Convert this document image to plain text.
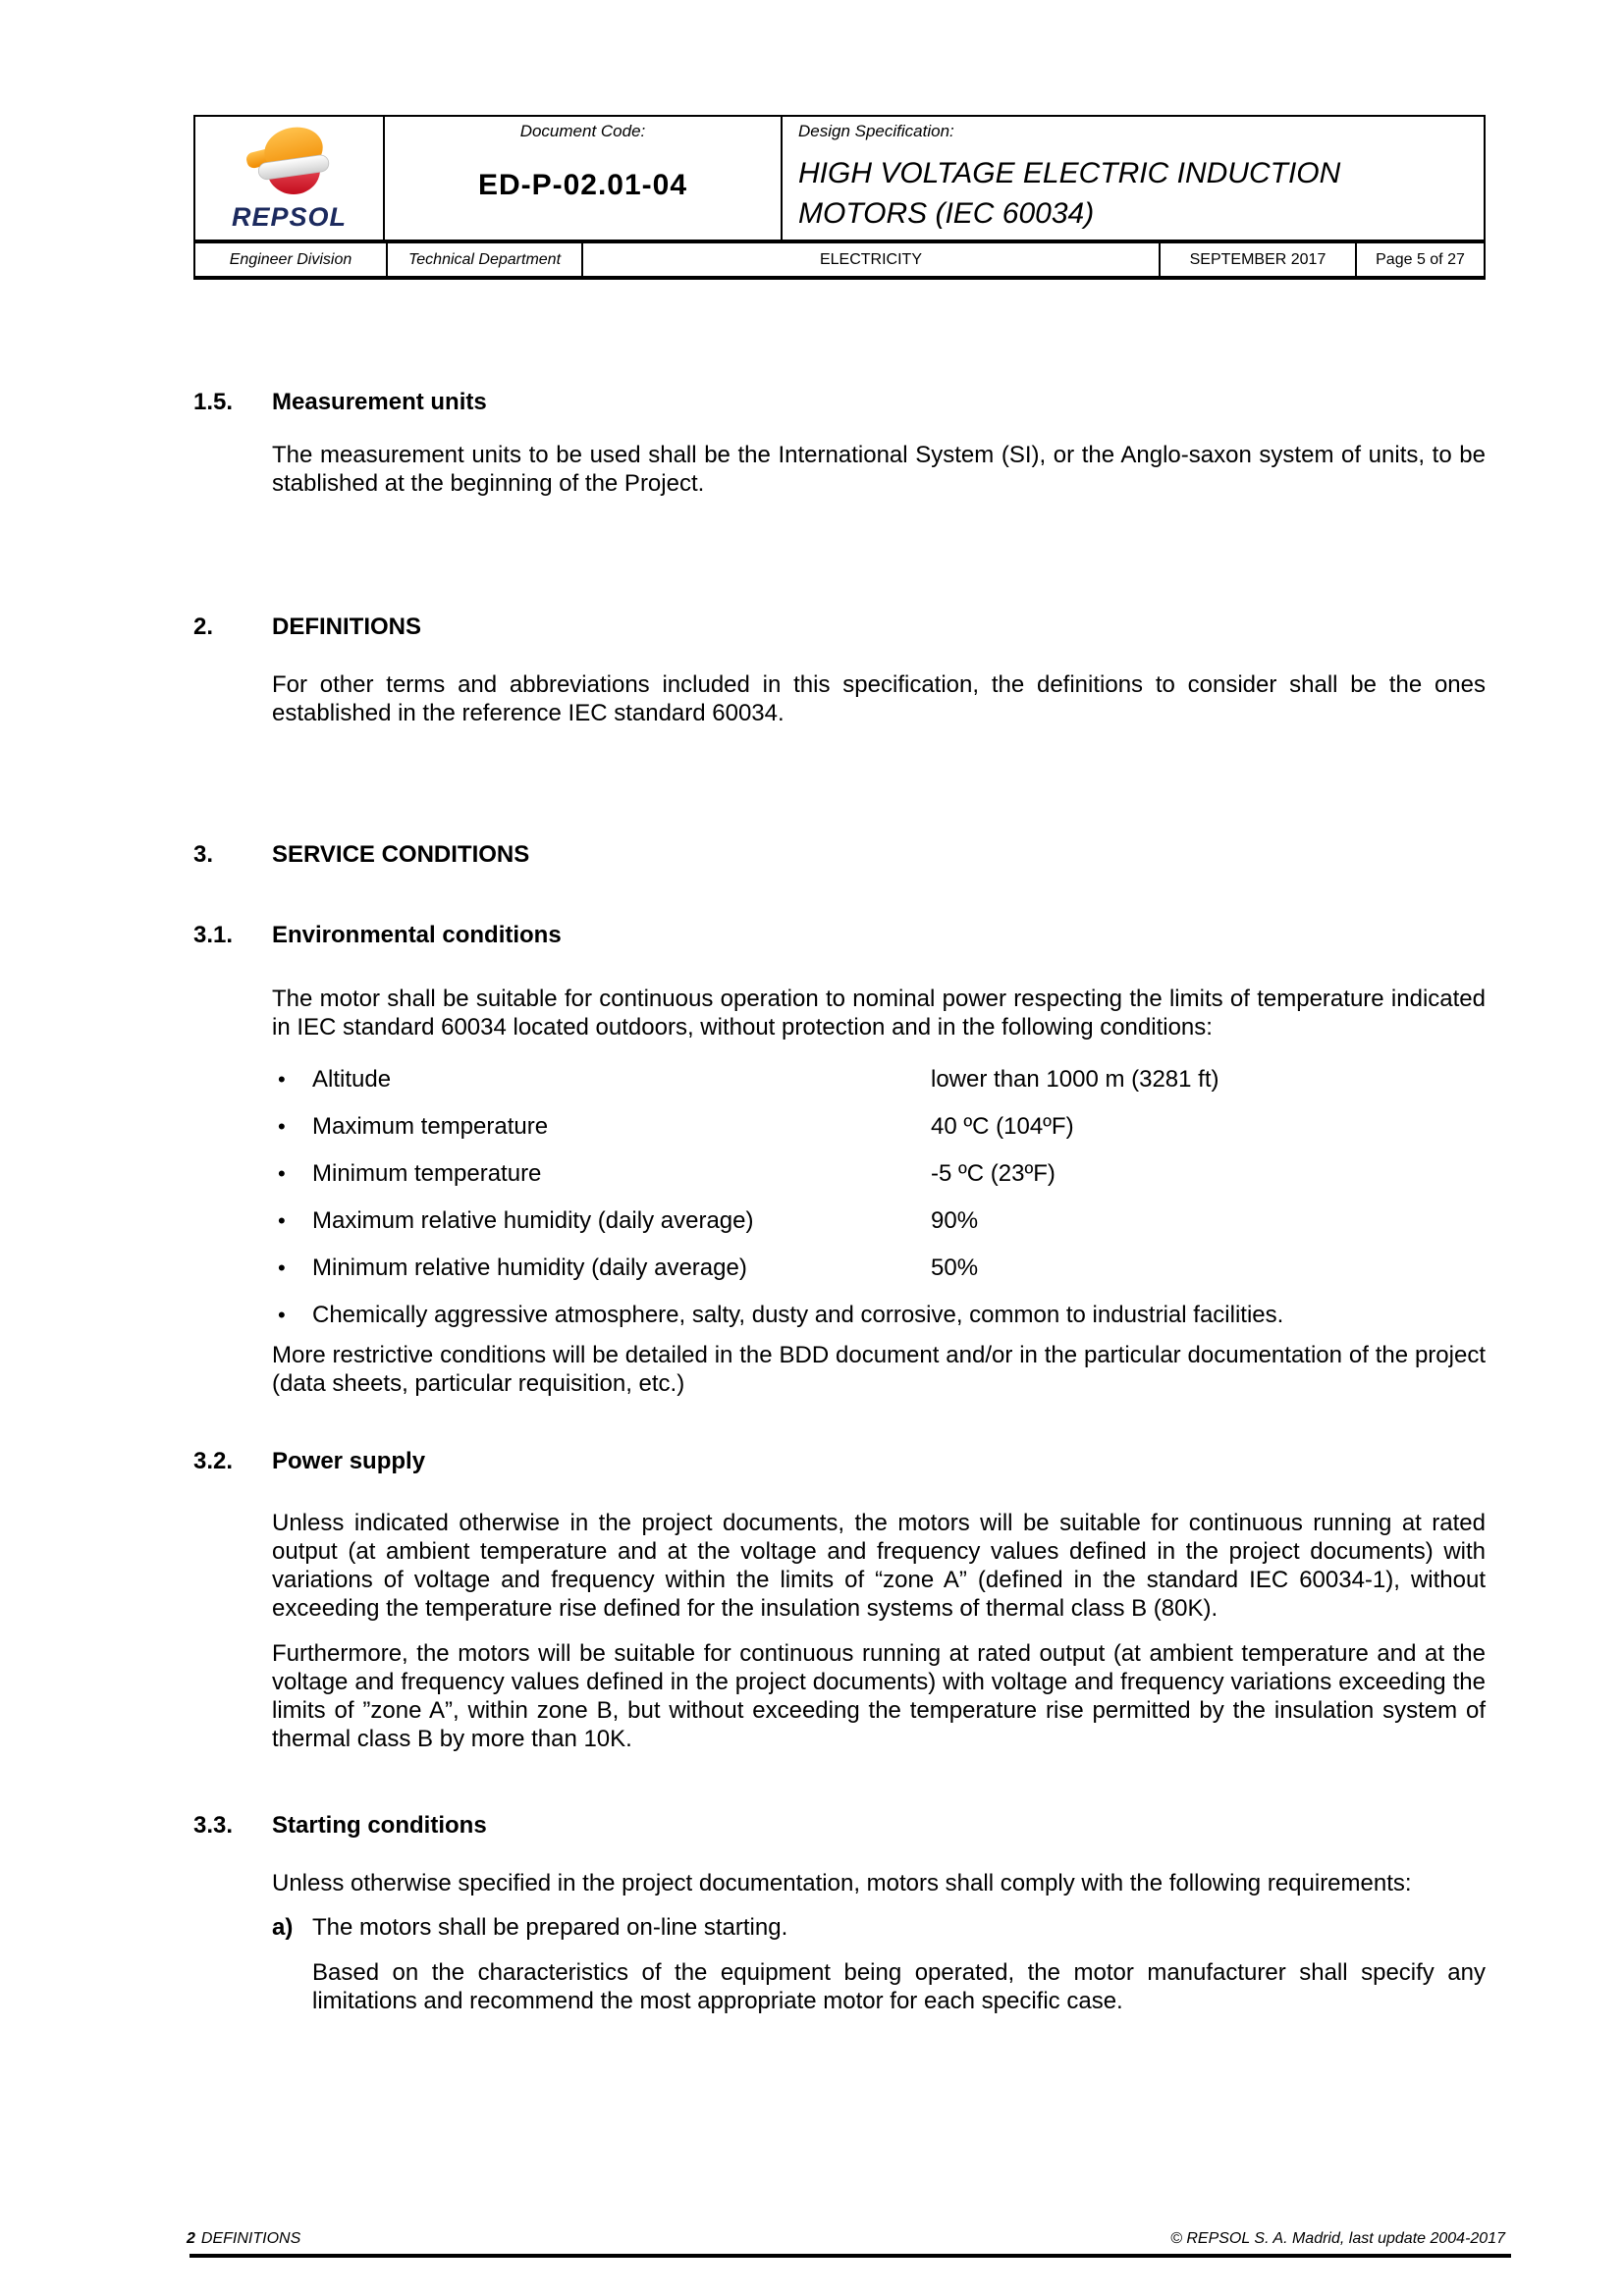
REPSOL
Document Code:
ED-P-02.01-04
Design Specification:
HIGH VOLTAGE ELECTRIC INDUCTION MOTORS (IEC 60034)
Engineer Division	Technical Department	ELECTRICITY	SEPTEMBER 2017	Page 5 of 27
1.5. Measurement units
The measurement units to be used shall be the International System (SI), or the Anglo-saxon system of units, to be stablished at the beginning of the Project.
2. DEFINITIONS
For other terms and abbreviations included in this specification, the definitions to consider shall be the ones established in the reference IEC standard 60034.
3. SERVICE CONDITIONS
3.1. Environmental conditions
The motor shall be suitable for continuous operation to nominal power respecting the limits of temperature indicated in IEC standard 60034 located outdoors, without protection and in the following conditions:
•	Altitude	lower than 1000 m (3281 ft)
•	Maximum temperature	40 ºC (104ºF)
•	Minimum temperature	-5 ºC (23ºF)
•	Maximum relative humidity (daily average)	90%
•	Minimum relative humidity (daily average)	50%
•	Chemically aggressive atmosphere, salty, dusty and corrosive, common to industrial facilities.
More restrictive conditions will be detailed in the BDD document and/or in the particular documentation of the project (data sheets, particular requisition, etc.)
3.2. Power supply
Unless indicated otherwise in the project documents, the motors will be suitable for continuous running at rated output (at ambient temperature and at the voltage and frequency values defined in the project documents) with variations of voltage and frequency within the limits of “zone A” (defined in the standard IEC 60034-1), without exceeding the temperature rise defined for the insulation systems of thermal class B (80K).
Furthermore, the motors will be suitable for continuous running at rated output (at ambient temperature and at the voltage and frequency values defined in the project documents) with voltage and frequency variations exceeding the limits of ”zone A”, within zone B, but without exceeding the temperature rise permitted by the insulation system of thermal class B by more than 10K.
3.3. Starting conditions
Unless otherwise specified in the project documentation, motors shall comply with the following requirements:
a) The motors shall be prepared on-line starting.
Based on the characteristics of the equipment being operated, the motor manufacturer shall specify any limitations and recommend the most appropriate motor for each specific case.
2 DEFINITIONS	© REPSOL S. A. Madrid, last update 2004-2017
